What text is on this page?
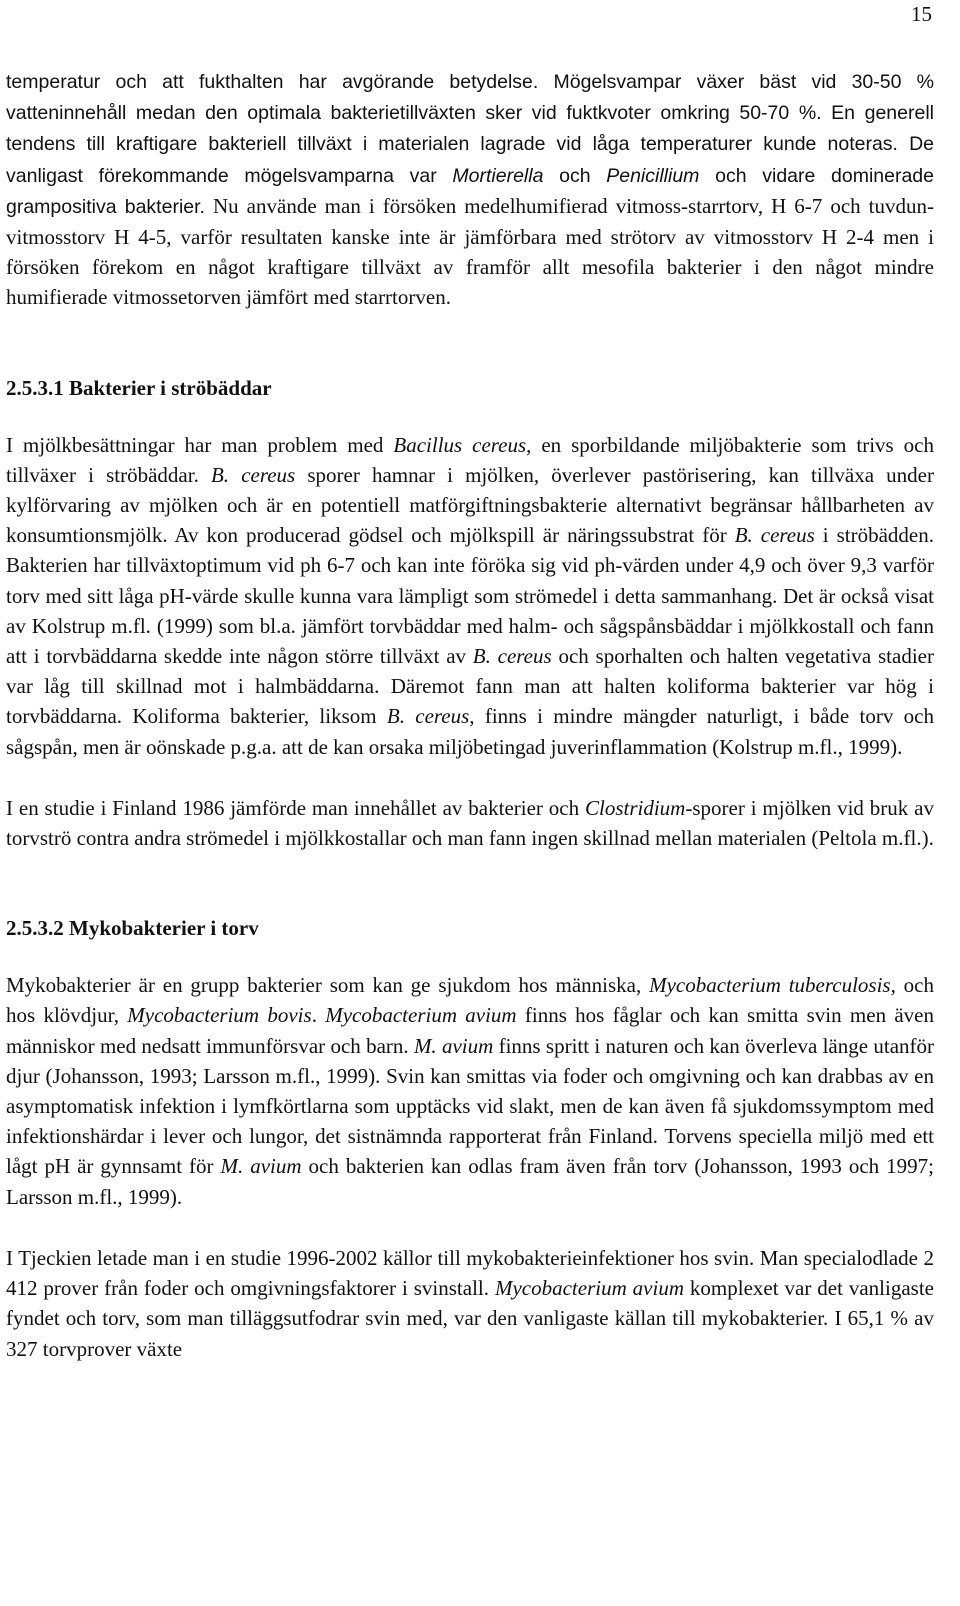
15

temperatur och att fukthalten har avgörande betydelse. Mögelsvampar växer bäst vid 30-50 % vatteninnehåll medan den optimala bakterietillväxten sker vid fuktkvoter omkring 50-70 %. En generell tendens till kraftigare bakteriell tillväxt i materialen lagrade vid låga temperaturer kunde noteras. De vanligast förekommande mögelsvamparna var Mortierella och Penicillium och vidare dominerade grampositiva bakterier. Nu använde man i försöken medelhumifierad vitmoss-starrtorv, H 6-7 och tuvdun-vitmosstorv H 4-5, varför resultaten kanske inte är jämförbara med strötorv av vitmosstorv H 2-4 men i försöken förekom en något kraftigare tillväxt av framför allt mesofila bakterier i den något mindre humifierade vitmossetorven jämfört med starrtorven.

2.5.3.1 Bakterier i ströbäddar

I mjölkbesättningar har man problem med Bacillus cereus, en sporbildande miljöbakterie som trivs och tillväxer i ströbäddar. B. cereus sporer hamnar i mjölken, överlever pastörisering, kan tillväxa under kylförvaring av mjölken och är en potentiell matförgiftningsbakterie alternativt begränsar hållbarheten av konsumtionsmjölk. Av kon producerad gödsel och mjölkspill är näringssubstrat för B. cereus i ströbädden. Bakterien har tillväxtoptimum vid ph 6-7 och kan inte föröka sig vid ph-värden under 4,9 och över 9,3 varför torv med sitt låga pH-värde skulle kunna vara lämpligt som strömedel i detta sammanhang. Det är också visat av Kolstrup m.fl. (1999) som bl.a. jämfört torvbäddar med halm- och sågspånsbäddar i mjölkkostall och fann att i torvbäddarna skedde inte någon större tillväxt av B. cereus och sporhalten och halten vegetativa stadier var låg till skillnad mot i halmbäddarna. Däremot fann man att halten koliforma bakterier var hög i torvbäddarna. Koliforma bakterier, liksom B. cereus, finns i mindre mängder naturligt, i både torv och sågspån, men är oönskade p.g.a. att de kan orsaka miljöbetingad juverinflammation (Kolstrup m.fl., 1999).

I en studie i Finland 1986 jämförde man innehållet av bakterier och Clostridium-sporer i mjölken vid bruk av torvströ contra andra strömedel i mjölkkostallar och man fann ingen skillnad mellan materialen (Peltola m.fl.).

2.5.3.2 Mykobakterier i torv

Mykobakterier är en grupp bakterier som kan ge sjukdom hos människa, Mycobacterium tuberculosis, och hos klövdjur, Mycobacterium bovis. Mycobacterium avium finns hos fåglar och kan smitta svin men även människor med nedsatt immunförsvar och barn. M. avium finns spritt i naturen och kan överleva länge utanför djur (Johansson, 1993; Larsson m.fl., 1999). Svin kan smittas via foder och omgivning och kan drabbas av en asymptomatisk infektion i lymfkörtlarna som upptäcks vid slakt, men de kan även få sjukdomssymptom med infektionshärdar i lever och lungor, det sistnämnda rapporterat från Finland. Torvens speciella miljö med ett lågt pH är gynnsamt för M. avium och bakterien kan odlas fram även från torv (Johansson, 1993 och 1997; Larsson m.fl., 1999).

I Tjeckien letade man i en studie 1996-2002 källor till mykobakterieinfektioner hos svin. Man specialodlade 2 412 prover från foder och omgivningsfaktorer i svinstall. Mycobacterium avium komplexet var det vanligaste fyndet och torv, som man tilläggsutfodrar svin med, var den vanligaste källan till mykobakterier. I 65,1 % av 327 torvprover växte
